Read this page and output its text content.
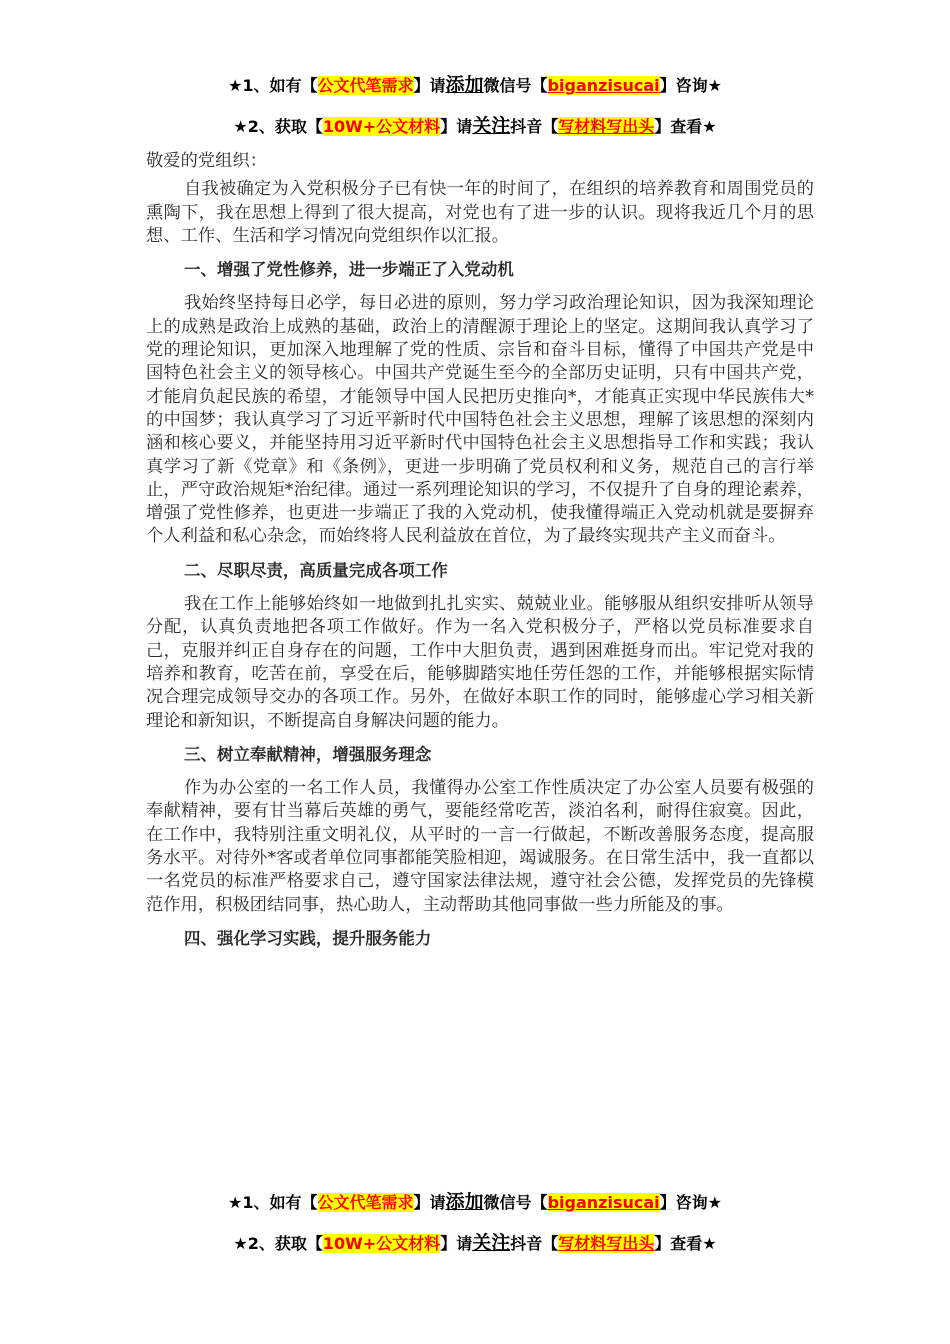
★1、如有【公文代笔需求】请添加微信号【biganzisucai】咨询★
★2、获取【10W+公文材料】请关注抖音【写材料写出头】查看★

敬爱的党组织：

自我被确定为入党积极分子已有快一年的时间了，在组织的培养教育和周围党员的熏陶下，我在思想上得到了很大提高，对党也有了进一步的认识。现将我近几个月的思想、工作、生活和学习情况向党组织作以汇报。

一、增强了党性修养，进一步端正了入党动机

我始终坚持每日必学，每日必进的原则，努力学习政治理论知识，因为我深知理论上的成熟是政治上成熟的基础，政治上的清醒源于理论上的坚定。这期间我认真学习了党的理论知识，更加深入地理解了党的性质、宗旨和奋斗目标，懂得了中国共产党是中国特色社会主义的领导核心。中国共产党诞生至今的全部历史证明，只有中国共产党，才能肩负起民族的希望，才能领导中国人民把历史推向*，才能真正实现中华民族伟大*的中国梦；我认真学习了习近平新时代中国特色社会主义思想，理解了该思想的深刻内涵和核心要义，并能坚持用习近平新时代中国特色社会主义思想指导工作和实践；我认真学习了新《党章》和《条例》，更进一步明确了党员权利和义务，规范自己的言行举止，严守政治规矩*治纪律。通过一系列理论知识的学习，不仅提升了自身的理论素养，增强了党性修养，也更进一步端正了我的入党动机，使我懂得端正入党动机就是要摒弃个人利益和私心杂念，而始终将人民利益放在首位，为了最终实现共产主义而奋斗。

二、尽职尽责，高质量完成各项工作

我在工作上能够始终如一地做到扎扎实实、兢兢业业。能够服从组织安排听从领导分配，认真负责地把各项工作做好。作为一名入党积极分子，严格以党员标准要求自己，克服并纠正自身存在的问题，工作中大胆负责，遇到困难挺身而出。牢记党对我的培养和教育，吃苦在前，享受在后，能够脚踏实地任劳任怨的工作，并能够根据实际情况合理完成领导交办的各项工作。另外，在做好本职工作的同时，能够虚心学习相关新理论和新知识，不断提高自身解决问题的能力。

三、树立奉献精神，增强服务理念

作为办公室的一名工作人员，我懂得办公室工作性质决定了办公室人员要有极强的奉献精神，要有甘当幕后英雄的勇气，要能经常吃苦，淡泊名利，耐得住寂寞。因此，在工作中，我特别注重文明礼仪，从平时的一言一行做起，不断改善服务态度，提高服务水平。对待外*客或者单位同事都能笑脸相迎，竭诚服务。在日常生活中，我一直都以一名党员的标准严格要求自己，遵守国家法律法规，遵守社会公德，发挥党员的先锋模范作用，积极团结同事，热心助人，主动帮助其他同事做一些力所能及的事。

四、强化学习实践，提升服务能力

★1、如有【公文代笔需求】请添加微信号【biganzisucai】咨询★
★2、获取【10W+公文材料】请关注抖音【写材料写出头】查看★
